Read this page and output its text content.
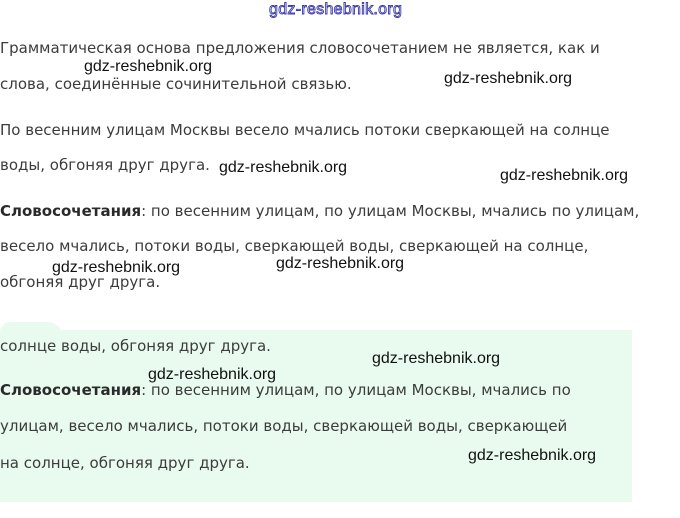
gdz-reshebnik.org
Грамматическая основа предложения словосочетанием не является, как и
слова, соединённые сочинительной связью.
По весенним улицам Москвы весело мчались потоки сверкающей на солнце
воды, обгоняя друг друга.
Словосочетания: по весенним улицам, по улицам Москвы, мчались по улицам,
весело мчались, потоки воды, сверкающей воды, сверкающей на солнце,
обгоняя друг друга.
солнце воды, обгоняя друг друга.
Словосочетания: по весенним улицам, по улицам Москвы, мчались по
улицам, весело мчались, потоки воды, сверкающей воды, сверкающей
на солнце, обгоняя друг друга.
gdz-reshebnik.org
gdz-reshebnik.org
gdz-reshebnik.org	gdz-reshebnik.org
gdz-reshebnik.org	gdz-reshebnik.org
gdz-reshebnik.org
gdz-reshebnik.org
gdz-reshebnik.org
